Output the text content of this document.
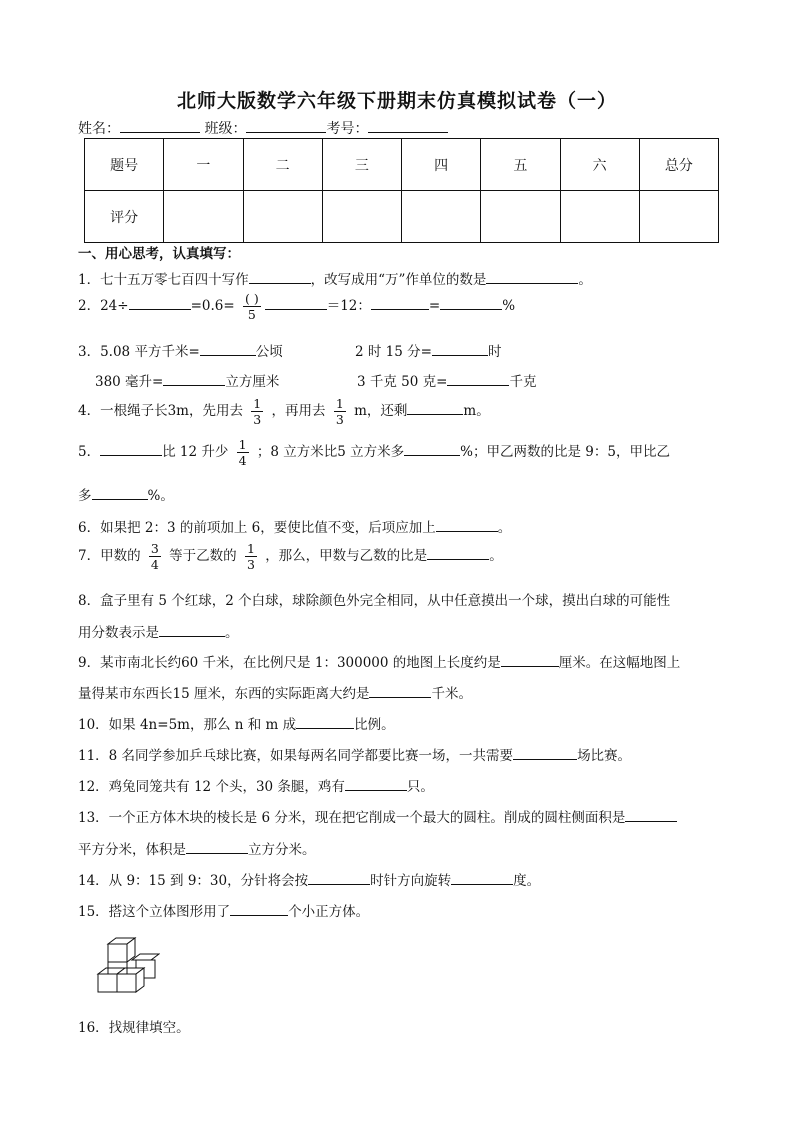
北师大版数学六年级下册期末仿真模拟试卷（一）
姓名：	班级：	考号：
题号	一	二	三	四	五	六	总分
评分							
一、用心思考，认真填写：
1．七十五万零七百四十写作	，改写成用“万”作单位的数是	。
2．24÷	$=0.6= \frac{( )}{5}$	＝12：	=	%
3．5.08 平方千米=	公顷	2 时 15 分=	时
380 毫升=	立方厘米	3 千克 50 克=	千克
4．一根绳子长3m，先用去 $\frac{1}{3}$ ，再用去 $\frac{1}{3}$ m，还剩	m。
5．	比 12 升少 $\frac{1}{4}$ ；8 立方米比5 立方米多	%；甲乙两数的比是 9：5，甲比乙
多	%。
6．如果把 2：3 的前项加上 6，要使比值不变，后项应加上	。
7．甲数的 $\frac{3}{4}$ 等于乙数的 $\frac{1}{3}$ ，那么，甲数与乙数的比是	。
8．盒子里有 5 个红球，2 个白球，球除颜色外完全相同，从中任意摸出一个球，摸出白球的可能性
用分数表示是	。
9．某市南北长约60 千米，在比例尺是 1：300000 的地图上长度约是	厘米。在这幅地图上
量得某市东西长15 厘米，东西的实际距离大约是	千米。
10．如果 4n=5m，那么 n 和 m 成	比例。
11．8 名同学参加乒乓球比赛，如果每两名同学都要比赛一场，一共需要	场比赛。
12．鸡兔同笼共有 12 个头，30 条腿，鸡有	只。
13．一个正方体木块的棱长是 6 分米，现在把它削成一个最大的圆柱。削成的圆柱侧面积是
平方分米，体积是	立方分米。
14．从 9：15 到 9：30，分针将会按	时针方向旋转	度。
15．搭这个立体图形用了	个小正方体。
16．找规律填空。
